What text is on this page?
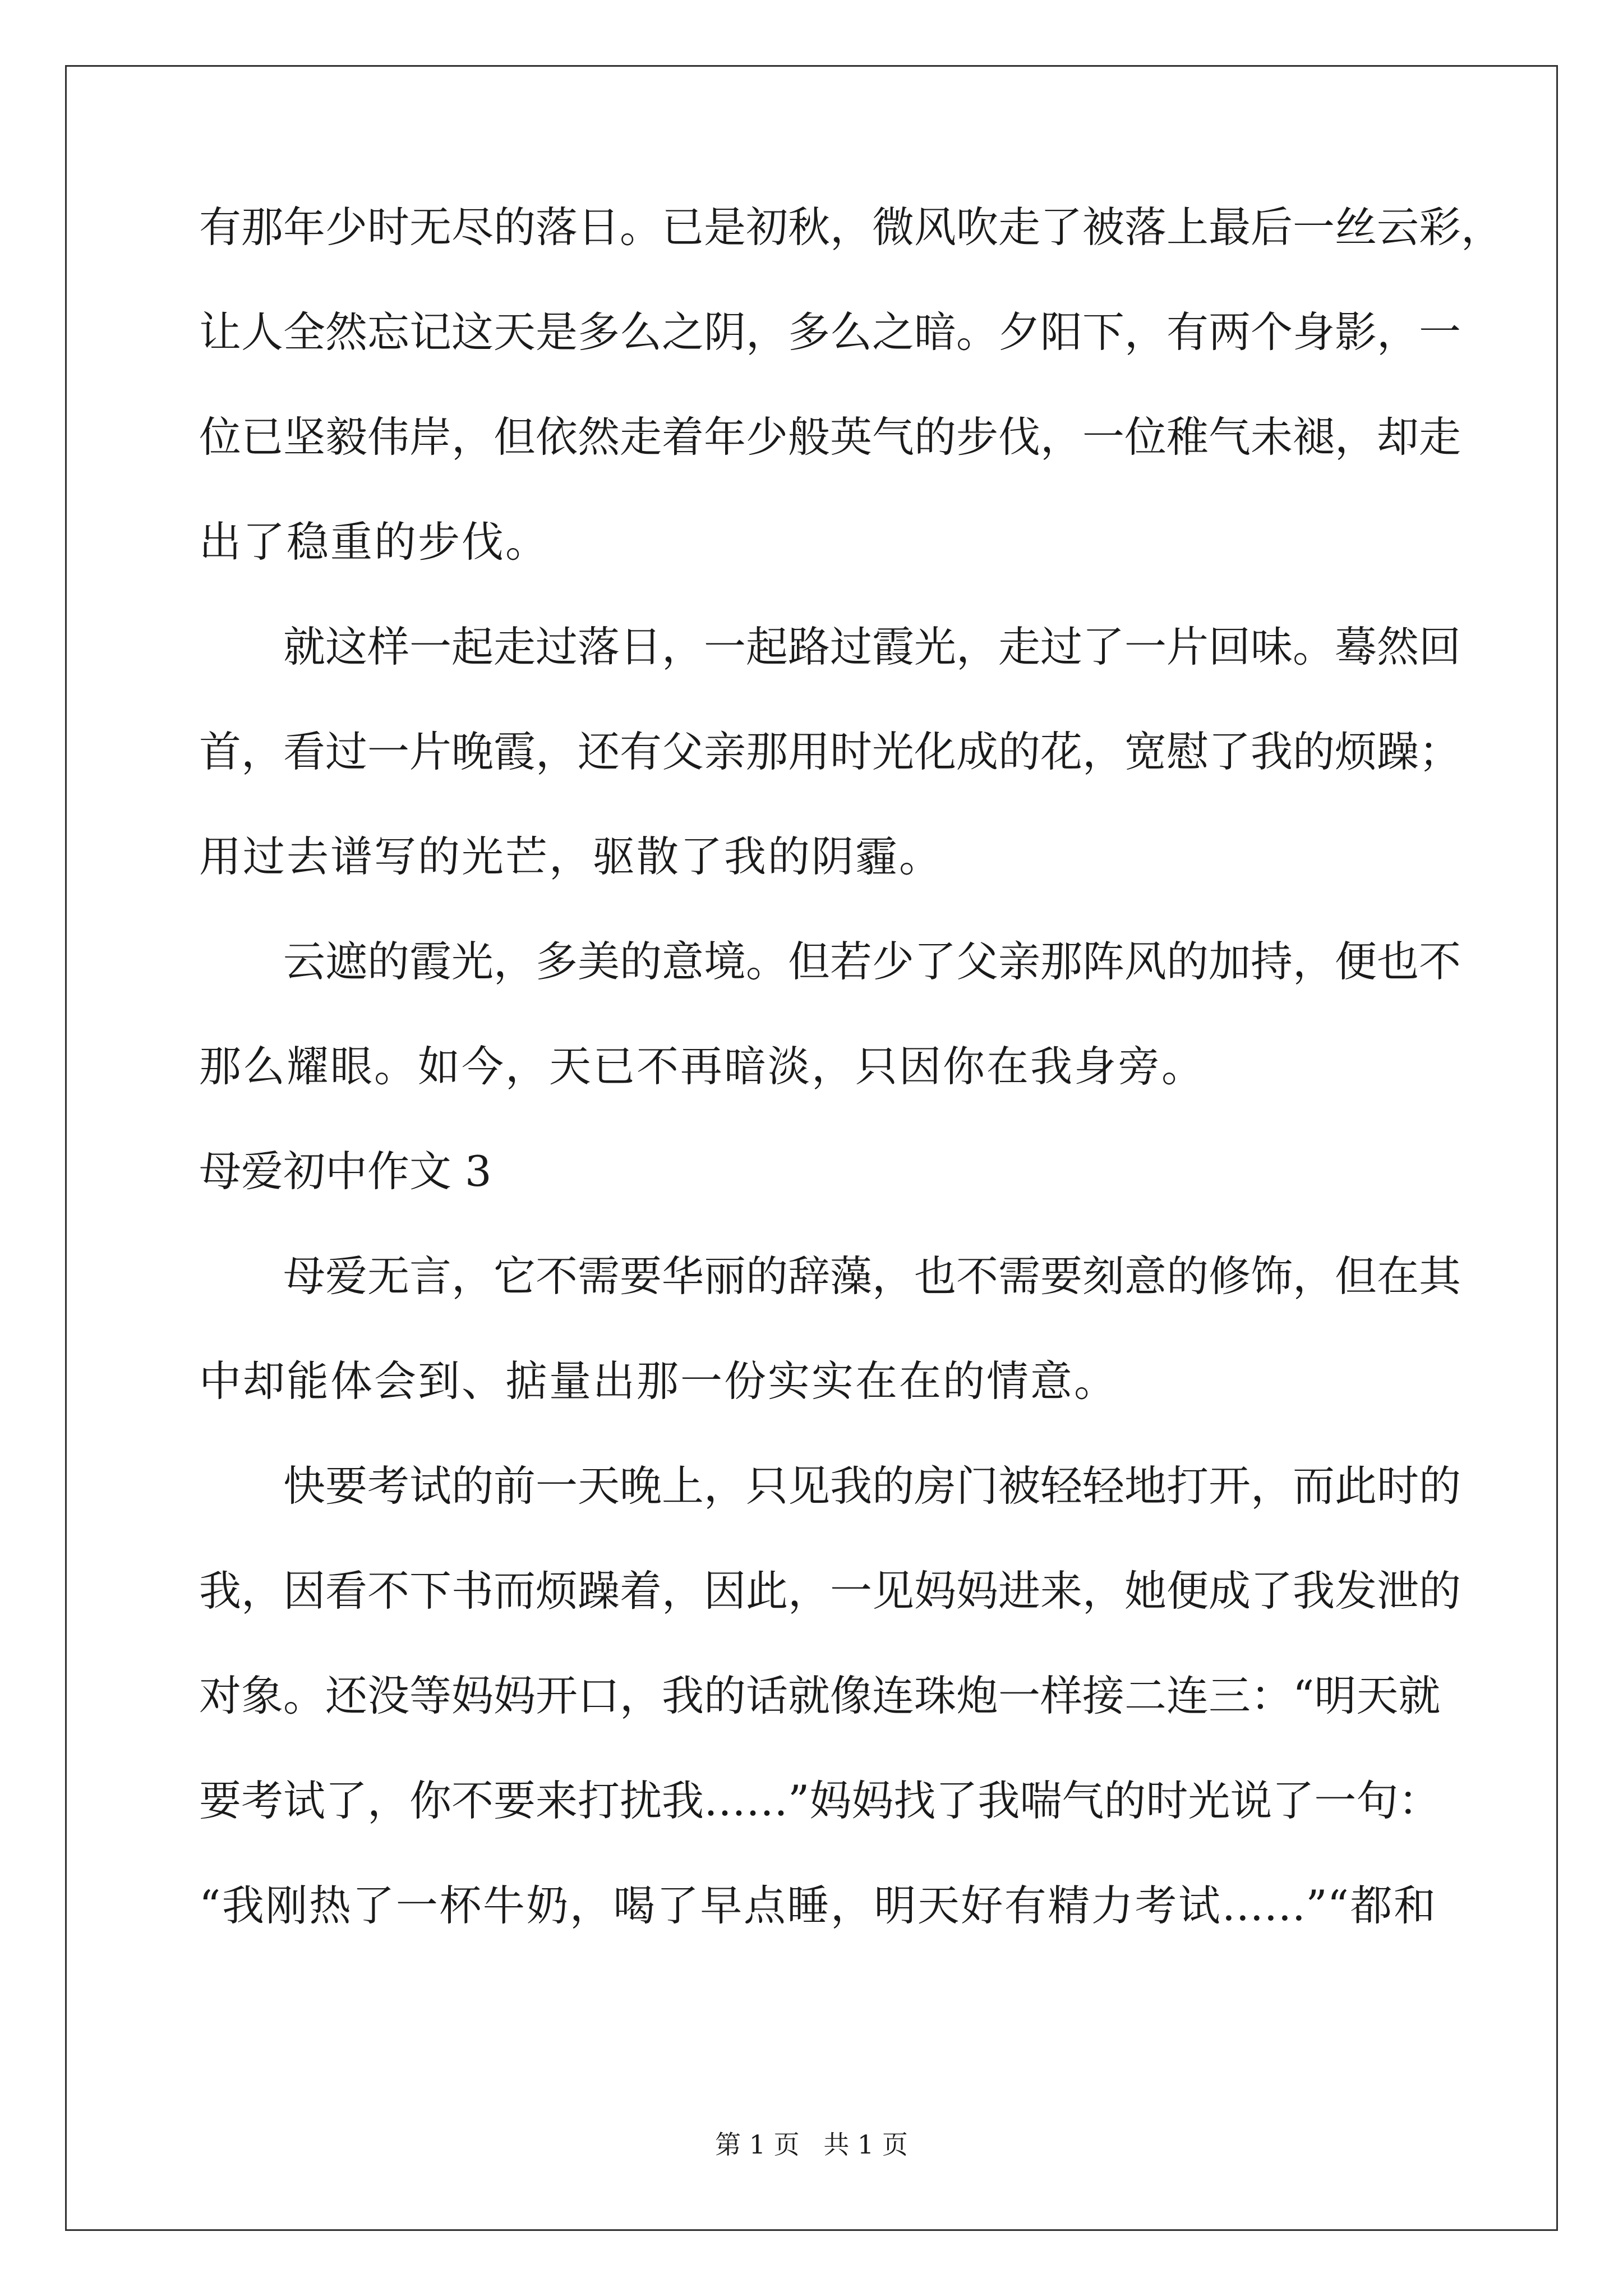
有那年少时无尽的落日。已是初秋，微风吹走了被落上最后一丝云彩，
让人全然忘记这天是多么之阴，多么之暗。夕阳下，有两个身影，一
位已坚毅伟岸，但依然走着年少般英气的步伐，一位稚气未褪，却走
出了稳重的步伐。
就这样一起走过落日，一起路过霞光，走过了一片回味。蓦然回
首，看过一片晚霞，还有父亲那用时光化成的花，宽慰了我的烦躁；
用过去谱写的光芒，驱散了我的阴霾。
云遮的霞光，多美的意境。但若少了父亲那阵风的加持，便也不
那么耀眼。如今，天已不再暗淡，只因你在我身旁。
母爱初中作文 3
母爱无言，它不需要华丽的辞藻，也不需要刻意的修饰，但在其
中却能体会到、掂量出那一份实实在在的情意。
快要考试的前一天晚上，只见我的房门被轻轻地打开，而此时的
我，因看不下书而烦躁着，因此，一见妈妈进来，她便成了我发泄的
对象。还没等妈妈开口，我的话就像连珠炮一样接二连三：“明天就
要考试了，你不要来打扰我……”妈妈找了我喘气的时光说了一句：
“我刚热了一杯牛奶，喝了早点睡，明天好有精力考试……”“都和
第 1 页 共 1 页
